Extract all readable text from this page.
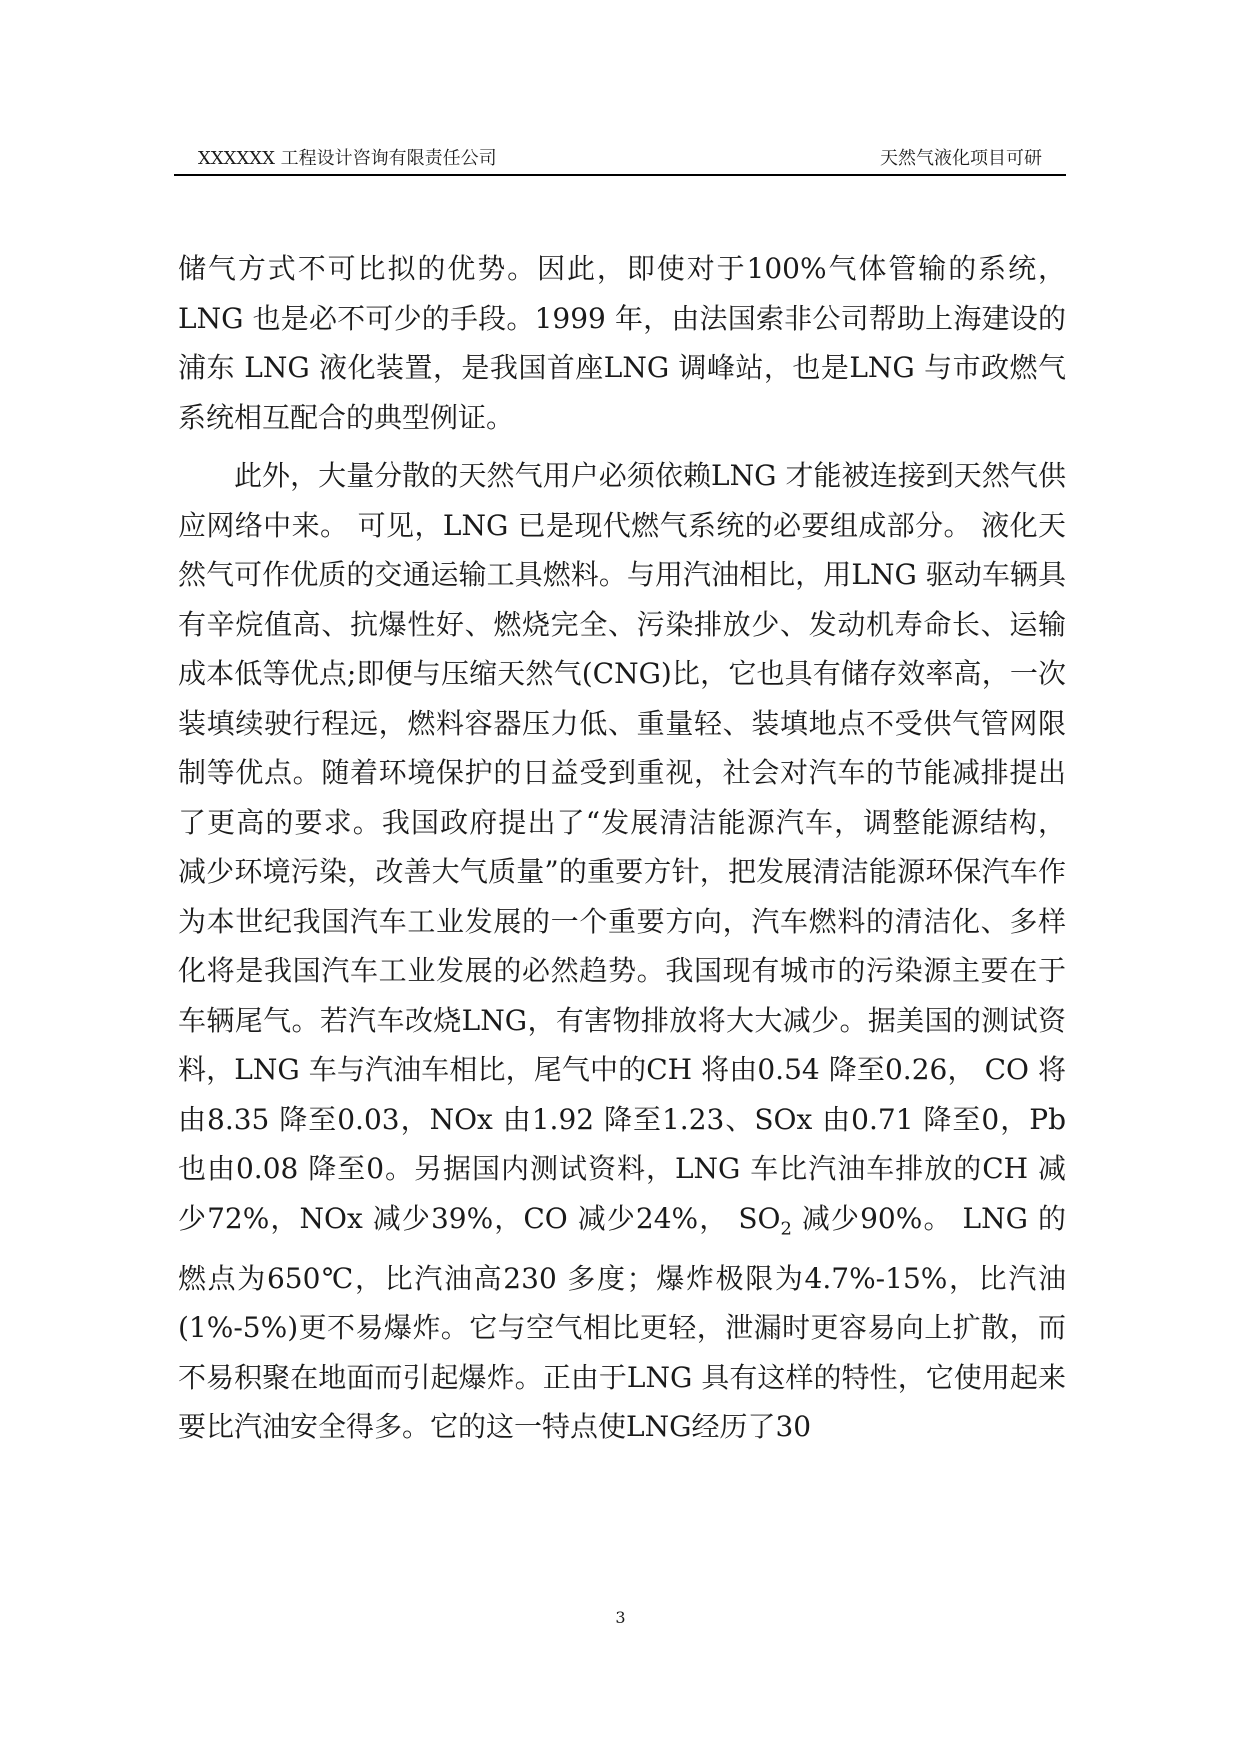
XXXXXX 工程设计咨询有限责任公司	天然气液化项目可研

储气方式不可比拟的优势。因此，即使对于100%气体管输的系统，LNG 也是必不可少的手段。1999 年，由法国索非公司帮助上海建设的浦东 LNG 液化装置，是我国首座LNG 调峰站，也是LNG 与市政燃气系统相互配合的典型例证。

此外，大量分散的天然气用户必须依赖LNG 才能被连接到天然气供应网络中来。 可见，LNG 已是现代燃气系统的必要组成部分。 液化天然气可作优质的交通运输工具燃料。与用汽油相比，用LNG 驱动车辆具有辛烷值高、抗爆性好、燃烧完全、污染排放少、发动机寿命长、运输成本低等优点;即便与压缩天然气(CNG)比，它也具有储存效率高，一次装填续驶行程远，燃料容器压力低、重量轻、装填地点不受供气管网限制等优点。随着环境保护的日益受到重视，社会对汽车的节能减排提出了更高的要求。我国政府提出了“发展清洁能源汽车，调整能源结构， 减少环境污染，改善大气质量”的重要方针，把发展清洁能源环保汽车作为本世纪我国汽车工业发展的一个重要方向，汽车燃料的清洁化、多样化将是我国汽车工业发展的必然趋势。我国现有城市的污染源主要在于车辆尾气。若汽车改烧LNG，有害物排放将大大减少。据美国的测试资料，LNG 车与汽油车相比，尾气中的CH 将由0.54 降至0.26， CO 将由8.35 降至0.03，NOx 由1.92 降至1.23、SOx 由0.71 降至0，Pb 也由0.08 降至0。另据国内测试资料，LNG 车比汽油车排放的CH 减少72%，NOx 减少39%，CO 减少24%， $SO_2$ 减少90%。 LNG 的燃点为650℃，比汽油高230 多度；爆炸极限为4.7%-15%，比汽油(1%-5%)更不易爆炸。它与空气相比更轻，泄漏时更容易向上扩散，而不易积聚在地面而引起爆炸。正由于LNG 具有这样的特性，它使用起来要比汽油安全得多。它的这一特点使LNG经历了30

3
